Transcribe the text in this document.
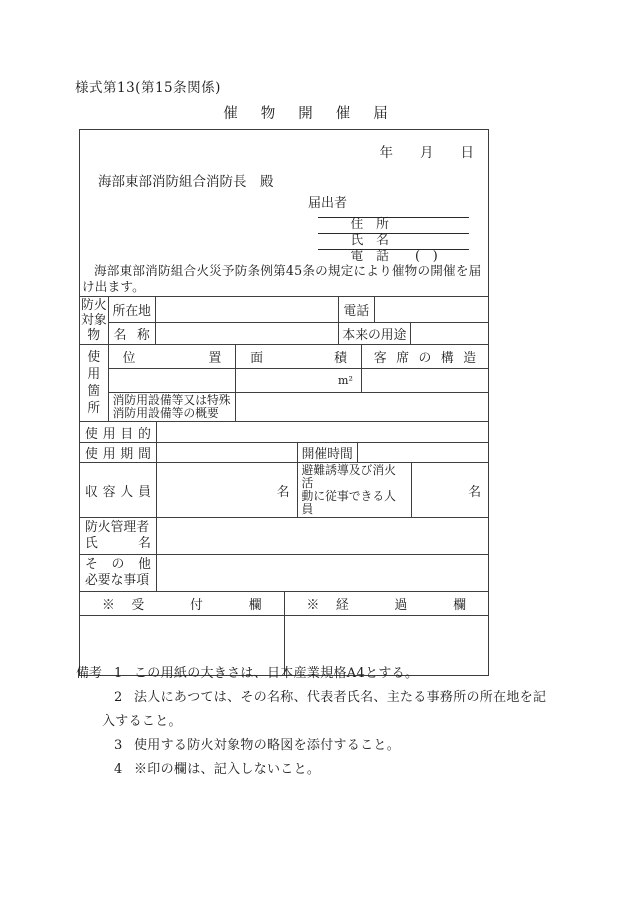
様式第13(第15条関係)
催物開催届
年　　月　　日
海部東部消防組合消防長　殿
届出者

住　所

氏　名

電　話 (　)

海部東部消防組合火災予防条例第45条の規定により催物の開催を届け出ます。
防火対象物	所在地		電話		
	名称		本来の用途		
使用箇所	位置	面積	客席の構造
		m²	

	消防用設備等又は特殊
消防用設備等の概要		

使用目的				
使用期間		開催時間		
収容人員	名	避難誘導及び消火活
動に従事できる人員		名
防火管理者
氏　名	

その他
必要な事項	

※受　付　欄	※経　過　欄

備考 1 この用紙の大きさは、日本産業規格A4とする。
2 法人にあつては、その名称、代表者氏名、主たる事務所の所在地を記
入すること。
3 使用する防火対象物の略図を添付すること。
4 ※印の欄は、記入しないこと。
